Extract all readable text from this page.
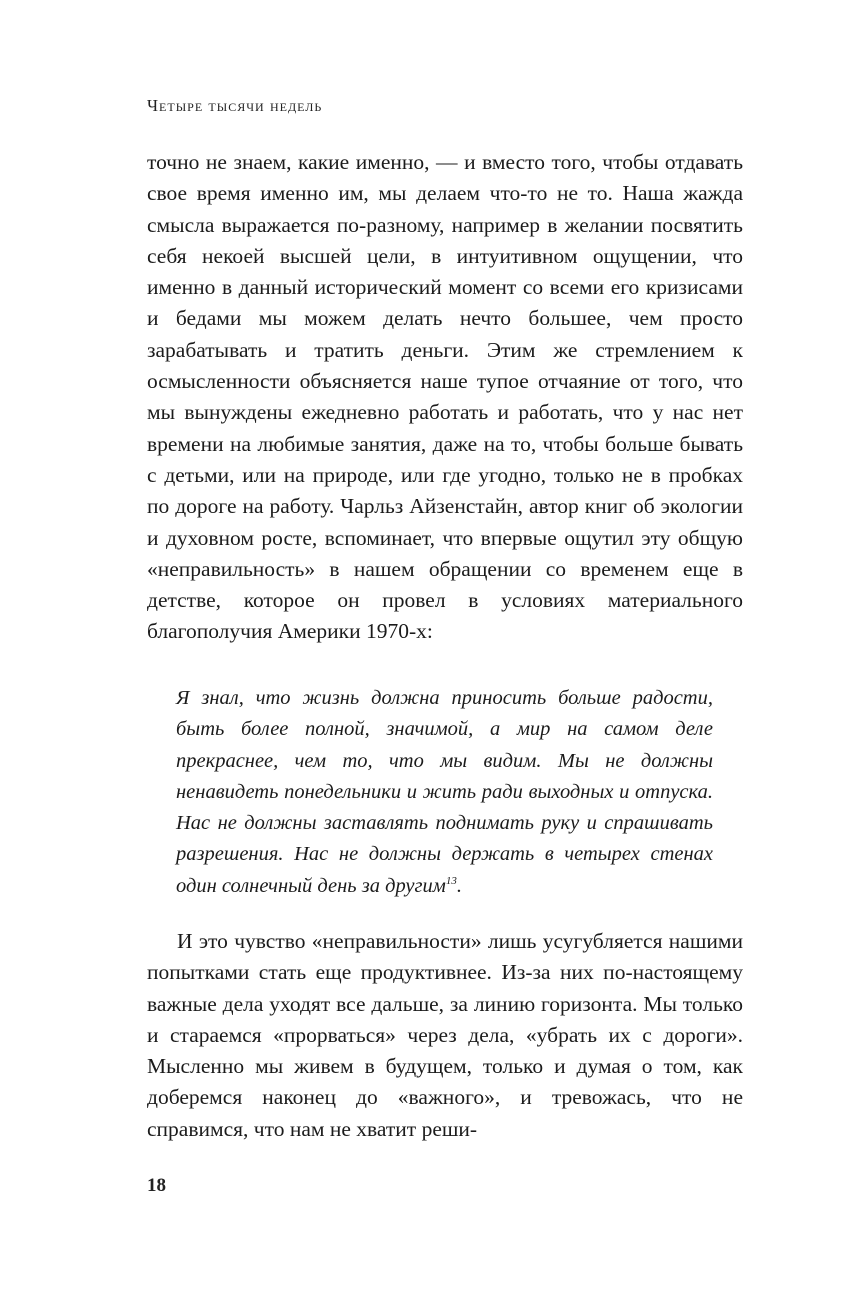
Четыре тысячи недель

точно не знаем, какие именно, — и вместо того, чтобы отдавать свое время именно им, мы делаем что-то не то. Наша жажда смысла выражается по-разному, например в желании посвятить себя некоей высшей цели, в интуитивном ощущении, что именно в данный исторический момент со всеми его кризисами и бедами мы можем делать нечто большее, чем просто зарабатывать и тратить деньги. Этим же стремлением к осмысленности объясняется наше тупое отчаяние от того, что мы вынуждены ежедневно работать и работать, что у нас нет времени на любимые занятия, даже на то, чтобы больше бывать с детьми, или на природе, или где угодно, только не в пробках по дороге на работу. Чарльз Айзенстайн, автор книг об экологии и духовном росте, вспоминает, что впервые ощутил эту общую «неправильность» в нашем обращении со временем еще в детстве, которое он провел в условиях материального благополучия Америки 1970-х:

Я знал, что жизнь должна приносить больше радости, быть более полной, значимой, а мир на самом деле прекраснее, чем то, что мы видим. Мы не должны ненавидеть понедельники и жить ради выходных и отпуска. Нас не должны заставлять поднимать руку и спрашивать разрешения. Нас не должны держать в четырех стенах один солнечный день за другим$^{13}$.

И это чувство «неправильности» лишь усугубляется нашими попытками стать еще продуктивнее. Из-за них по-настоящему важные дела уходят все дальше, за линию горизонта. Мы только и стараемся «прорваться» через дела, «убрать их с дороги». Мысленно мы живем в будущем, только и думая о том, как доберемся наконец до «важного», и тревожась, что не справимся, что нам не хватит реши-

18
